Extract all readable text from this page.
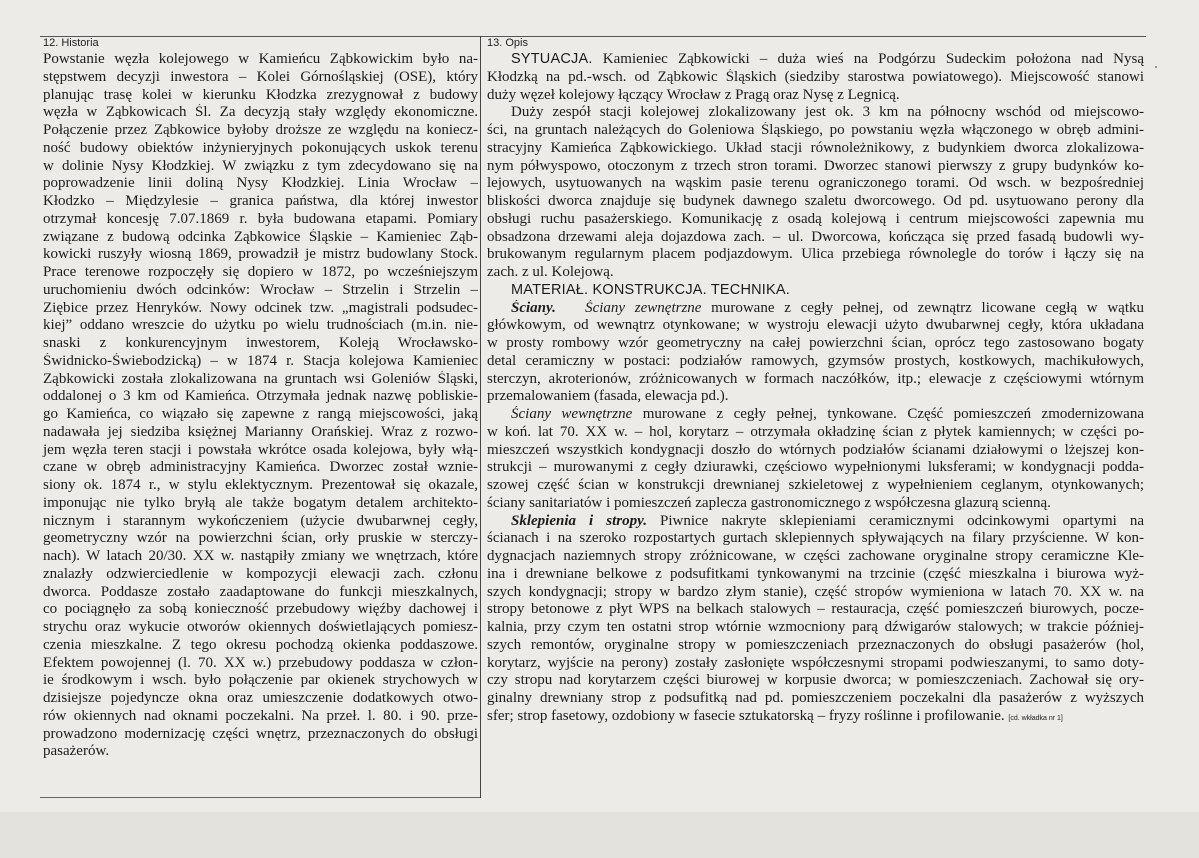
12. Historia
Powstanie węzła kolejowego w Kamieńcu Ząbkowickim było na-
stępstwem decyzji inwestora – Kolei Górnośląskiej (OSE), który
planując trasę kolei w kierunku Kłodzka zrezygnował z budowy
węzła w Ząbkowicach Śl. Za decyzją stały względy ekonomiczne.
Połączenie przez Ząbkowice byłoby droższe ze względu na koniecz-
ność budowy obiektów inżynieryjnych pokonujących uskok terenu
w dolinie Nysy Kłodzkiej. W związku z tym zdecydowano się na
poprowadzenie linii doliną Nysy Kłodzkiej. Linia Wrocław –
Kłodzko – Międzylesie – granica państwa, dla której inwestor
otrzymał koncesję 7.07.1869 r. była budowana etapami. Pomiary
związane z budową odcinka Ząbkowice Śląskie – Kamieniec Ząb-
kowicki ruszyły wiosną 1869, prowadził je mistrz budowlany Stock.
Prace terenowe rozpoczęły się dopiero w 1872, po wcześniejszym
uruchomieniu dwóch odcinków: Wrocław – Strzelin i Strzelin –
Ziębice przez Henryków. Nowy odcinek tzw. „magistrali podsudec-
kiej” oddano wreszcie do użytku po wielu trudnościach (m.in. nie-
snaski z konkurencyjnym inwestorem, Koleją Wrocławsko-
Świdnicko-Świebodzicką) – w 1874 r. Stacja kolejowa Kamieniec
Ząbkowicki została zlokalizowana na gruntach wsi Goleniów Śląski,
oddalonej o 3 km od Kamieńca. Otrzymała jednak nazwę pobliskie-
go Kamieńca, co wiązało się zapewne z rangą miejscowości, jaką
nadawała jej siedziba księżnej Marianny Orańskiej. Wraz z rozwo-
jem węzła teren stacji i powstała wkrótce osada kolejowa, były włą-
czane w obręb administracyjny Kamieńca. Dworzec został wznie-
siony ok. 1874 r., w stylu eklektycznym. Prezentował się okazale,
imponując nie tylko bryłą ale także bogatym detalem architekto-
nicznym i starannym wykończeniem (użycie dwubarwnej cegły,
geometryczny wzór na powierzchni ścian, orły pruskie w sterczy-
nach). W latach 20/30. XX w. nastąpiły zmiany we wnętrzach, które
znalazły odzwierciedlenie w kompozycji elewacji zach. członu
dworca. Poddasze zostało zaadaptowane do funkcji mieszkalnych,
co pociągnęło za sobą konieczność przebudowy więźby dachowej i
strychu oraz wykucie otworów okiennych doświetlających pomiesz-
czenia mieszkalne. Z tego okresu pochodzą okienka poddaszowe.
Efektem powojennej (l. 70. XX w.) przebudowy poddasza w człon-
ie środkowym i wsch. było połączenie par okienek strychowych w
dzisiejsze pojedyncze okna oraz umieszczenie dodatkowych otwo-
rów okiennych nad oknami poczekalni. Na przeł. l. 80. i 90. prze-
prowadzono modernizację części wnętrz, przeznaczonych do obsługi
pasażerów.
13. Opis
SYTUACJA. Kamieniec Ząbkowicki – duża wieś na Podgórzu Sudeckim położona nad Nysą
Kłodzką na pd.-wsch. od Ząbkowic Śląskich (siedziby starostwa powiatowego). Miejscowość stanowi
duży węzeł kolejowy łączący Wrocław z Pragą oraz Nysę z Legnicą.
Duży zespół stacji kolejowej zlokalizowany jest ok. 3 km na północny wschód od miejscowo-
ści, na gruntach należących do Goleniowa Śląskiego, po powstaniu węzła włączonego w obręb admini-
stracyjny Kamieńca Ząbkowickiego. Układ stacji równoleżnikowy, z budynkiem dworca zlokalizowa-
nym półwyspowo, otoczonym z trzech stron torami. Dworzec stanowi pierwszy z grupy budynków ko-
lejowych, usytuowanych na wąskim pasie terenu ograniczonego torami. Od wsch. w bezpośredniej
bliskości dworca znajduje się budynek dawnego szaletu dworcowego. Od pd. usytuowano perony dla
obsługi ruchu pasażerskiego. Komunikację z osadą kolejową i centrum miejscowości zapewnia mu
obsadzona drzewami aleja dojazdowa zach. – ul. Dworcowa, kończąca się przed fasadą budowli wy-
brukowanym regularnym placem podjazdowym. Ulica przebiega równolegle do torów i łączy się na
zach. z ul. Kolejową.
MATERIAŁ. KONSTRUKCJA. TECHNIKA.
Ściany. Ściany zewnętrzne murowane z cegły pełnej, od zewnątrz licowane cegłą w wątku
główkowym, od wewnątrz otynkowane; w wystroju elewacji użyto dwubarwnej cegły, która układana
w prosty rombowy wzór geometryczny na całej powierzchni ścian, oprócz tego zastosowano bogaty
detal ceramiczny w postaci: podziałów ramowych, gzymsów prostych, kostkowych, machikułowych,
sterczyn, akroterionów, zróżnicowanych w formach naczółków, itp.; elewacje z częściowymi wtórnym
przemalowaniem (fasada, elewacja pd.).
Ściany wewnętrzne murowane z cegły pełnej, tynkowane. Część pomieszczeń zmodernizowana
w koń. lat 70. XX w. – hol, korytarz – otrzymała okładzinę ścian z płytek kamiennych; w części po-
mieszczeń wszystkich kondygnacji doszło do wtórnych podziałów ścianami działowymi o lżejszej kon-
strukcji – murowanymi z cegły dziurawki, częściowo wypełnionymi luksferami; w kondygnacji podda-
szowej część ścian w konstrukcji drewnianej szkieletowej z wypełnieniem ceglanym, otynkowanych;
ściany sanitariatów i pomieszczeń zaplecza gastronomicznego z współczesna glazurą scienną.
Sklepienia i stropy. Piwnice nakryte sklepieniami ceramicznymi odcinkowymi opartymi na
ścianach i na szeroko rozpostartych gurtach sklepiennych spływających na filary przyścienne. W kon-
dygnacjach naziemnych stropy zróżnicowane, w części zachowane oryginalne stropy ceramiczne Kle-
ina i drewniane belkowe z podsufitkami tynkowanymi na trzcinie (część mieszkalna i biurowa wyż-
szych kondygnacji; stropy w bardzo złym stanie), część stropów wymieniona w latach 70. XX w. na
stropy betonowe z płyt WPS na belkach stalowych – restauracja, część pomieszczeń biurowych, pocze-
kalnia, przy czym ten ostatni strop wtórnie wzmocniony parą dźwigarów stalowych; w trakcie później-
szych remontów, oryginalne stropy w pomieszczeniach przeznaczonych do obsługi pasażerów (hol,
korytarz, wyjście na perony) zostały zasłonięte współczesnymi stropami podwieszanymi, to samo doty-
czy stropu nad korytarzem części biurowej w korpusie dworca; w pomieszczeniach. Zachował się ory-
ginalny drewniany strop z podsufitką nad pd. pomieszczeniem poczekalni dla pasażerów z wyższych
sfer; strop fasetowy, ozdobiony w fasecie sztukatorską – fryzy roślinne i profilowanie. [cd. wkładka nr 1]
